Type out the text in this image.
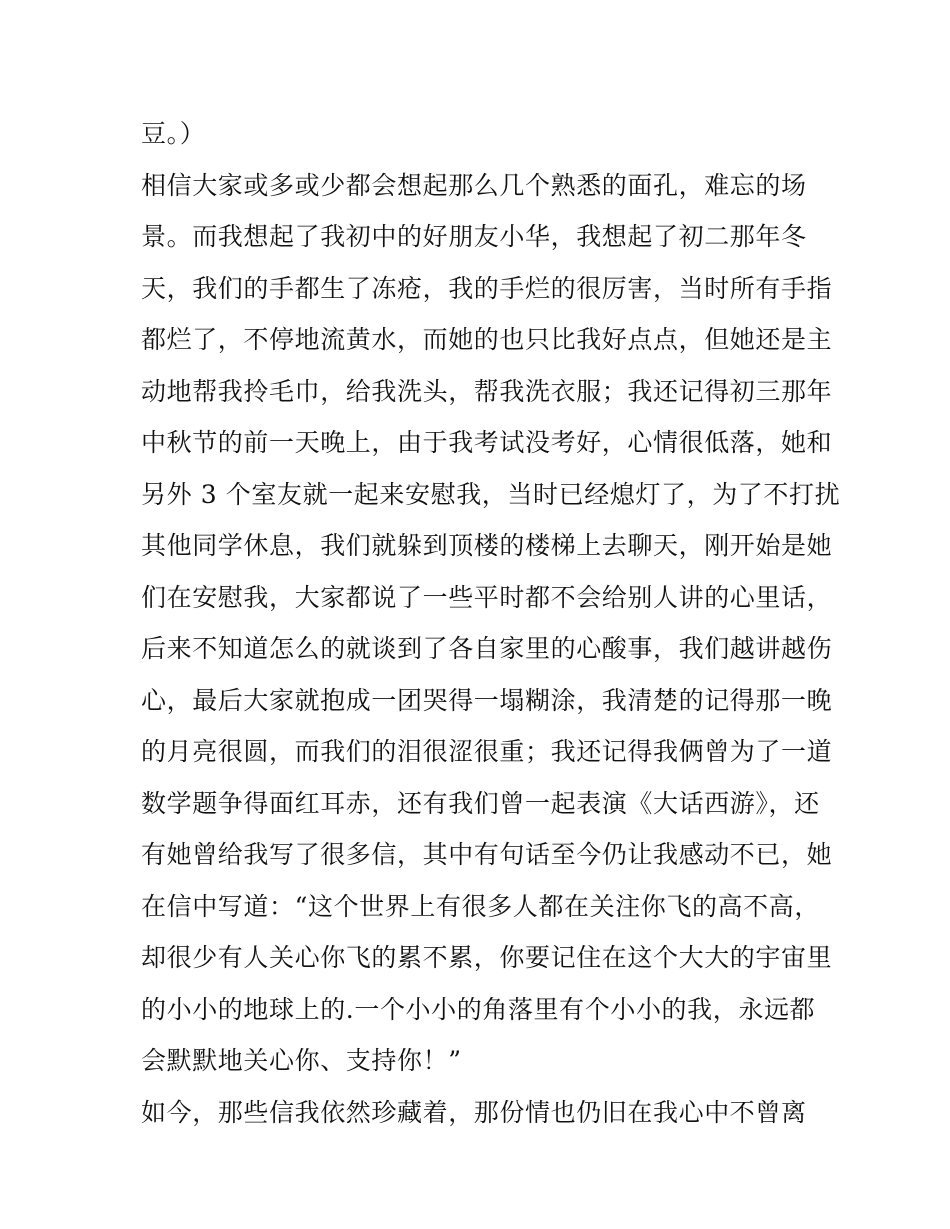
豆。）
相信大家或多或少都会想起那么几个熟悉的面孔，难忘的场
景。而我想起了我初中的好朋友小华，我想起了初二那年冬
天，我们的手都生了冻疮，我的手烂的很厉害，当时所有手指
都烂了，不停地流黄水，而她的也只比我好点点，但她还是主
动地帮我拎毛巾，给我洗头，帮我洗衣服；我还记得初三那年
中秋节的前一天晚上，由于我考试没考好，心情很低落，她和
另外 3 个室友就一起来安慰我，当时已经熄灯了，为了不打扰
其他同学休息，我们就躲到顶楼的楼梯上去聊天，刚开始是她
们在安慰我，大家都说了一些平时都不会给别人讲的心里话，
后来不知道怎么的就谈到了各自家里的心酸事，我们越讲越伤
心，最后大家就抱成一团哭得一塌糊涂，我清楚的记得那一晚
的月亮很圆，而我们的泪很涩很重；我还记得我俩曾为了一道
数学题争得面红耳赤，还有我们曾一起表演《大话西游》，还
有她曾给我写了很多信，其中有句话至今仍让我感动不已，她
在信中写道：“这个世界上有很多人都在关注你飞的高不高，
却很少有人关心你飞的累不累，你要记住在这个大大的宇宙里
的小小的地球上的.一个小小的角落里有个小小的我，永远都
会默默地关心你、支持你！”
如今，那些信我依然珍藏着，那份情也仍旧在我心中不曾离
